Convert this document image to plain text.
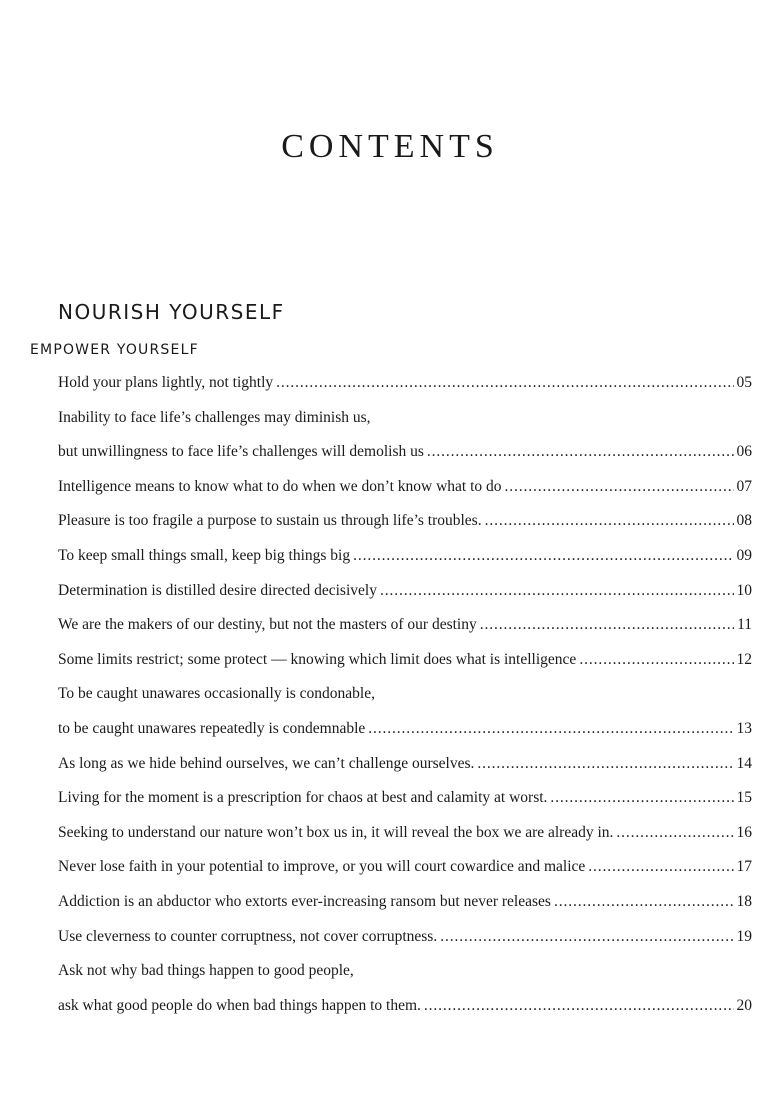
CONTENTS
NOURISH YOURSELF
EMPOWER YOURSELF
Hold your plans lightly, not tightly . . .	05
Inability to face life’s challenges may diminish us,
but unwillingness to face life’s challenges will demolish us . . .	06
Intelligence means to know what to do when we don’t know what to do . . .	07
Pleasure is too fragile a purpose to sustain us through life’s troubles. . . .	08
To keep small things small, keep big things big . . .	09
Determination is distilled desire directed decisively . . .	10
We are the makers of our destiny, but not the masters of our destiny . . .	11
Some limits restrict; some protect — knowing which limit does what is intelligence . . .	12
To be caught unawares occasionally is condonable,
to be caught unawares repeatedly is condemnable . . .	13
As long as we hide behind ourselves, we can’t challenge ourselves. . . .	14
Living for the moment is a prescription for chaos at best and calamity at worst. . . .	15
Seeking to understand our nature won’t box us in, it will reveal the box we are already in. . . .	16
Never lose faith in your potential to improve, or you will court cowardice and malice . . .	17
Addiction is an abductor who extorts ever-increasing ransom but never releases . . .	18
Use cleverness to counter corruptness, not cover corruptness. . . .	19
Ask not why bad things happen to good people,
ask what good people do when bad things happen to them. . . .	20
